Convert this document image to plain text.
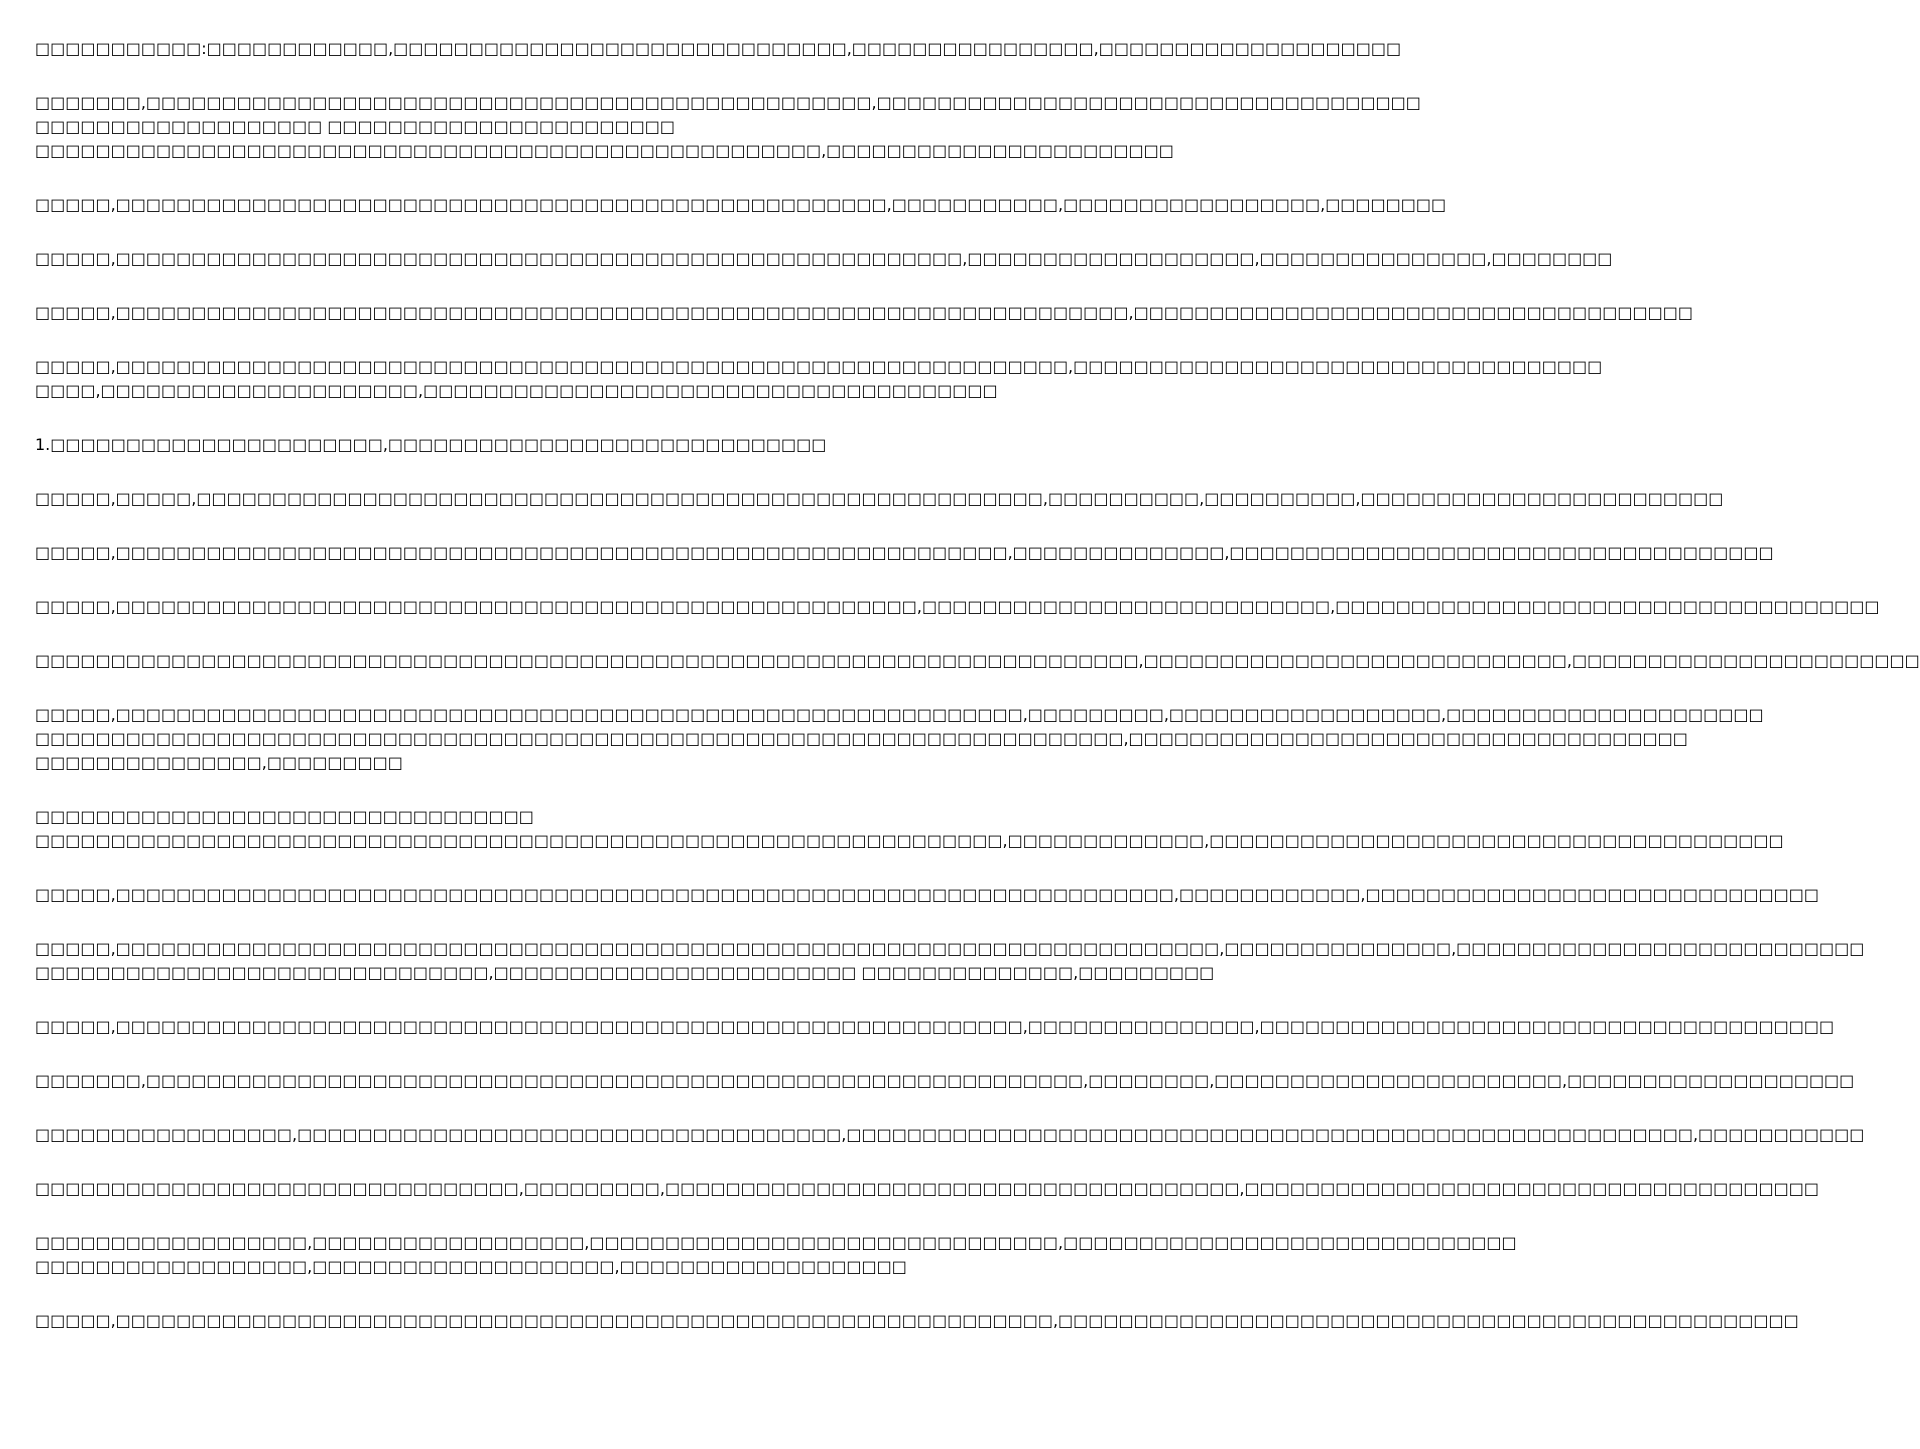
□□□□□□□□□□□:□□□□□□□□□□□□,□□□□□□□□□□□□□□□□□□□□□□□□□□□□□□,□□□□□□□□□□□□□□□□,□□□□□□□□□□□□□□□□□□□□

□□□□□□□,□□□□□□□□□□□□□□□□□□□□□□□□□□□□□□□□□□□□□□□□□□□□□□□□,□□□□□□□□□□□□□□□□□□□□□□□□□□□□□□□□□□□□
□□□□□□□□□□□□□□□□□□□ □□□□□□□□□□□□□□□□□□□□□□□
□□□□□□□□□□□□□□□□□□□□□□□□□□□□□□□□□□□□□□□□□□□□□□□□□□□□,□□□□□□□□□□□□□□□□□□□□□□□

□□□□□,□□□□□□□□□□□□□□□□□□□□□□□□□□□□□□□□□□□□□□□□□□□□□□□□□□□,□□□□□□□□□□□,□□□□□□□□□□□□□□□□□,□□□□□□□□

□□□□□,□□□□□□□□□□□□□□□□□□□□□□□□□□□□□□□□□□□□□□□□□□□□□□□□□□□□□□□□,□□□□□□□□□□□□□□□□□□□,□□□□□□□□□□□□□□□,□□□□□□□□

□□□□□,□□□□□□□□□□□□□□□□□□□□□□□□□□□□□□□□□□□□□□□□□□□□□□□□□□□□□□□□□□□□□□□□□□□,□□□□□□□□□□□□□□□□□□□□□□□□□□□□□□□□□□□□□

□□□□□,□□□□□□□□□□□□□□□□□□□□□□□□□□□□□□□□□□□□□□□□□□□□□□□□□□□□□□□□□□□□□□□,□□□□□□□□□□□□□□□□□□□□□□□□□□□□□□□□□□□
□□□□,□□□□□□□□□□□□□□□□□□□□□,□□□□□□□□□□□□□□□□□□□□□□□□□□□□□□□□□□□□□□

1.□□□□□□□□□□□□□□□□□□□□□□,□□□□□□□□□□□□□□□□□□□□□□□□□□□□□

□□□□□,□□□□□,□□□□□□□□□□□□□□□□□□□□□□□□□□□□□□□□□□□□□□□□□□□□□□□□□□□□□□□□,□□□□□□□□□□,□□□□□□□□□□,□□□□□□□□□□□□□□□□□□□□□□□□

□□□□□,□□□□□□□□□□□□□□□□□□□□□□□□□□□□□□□□□□□□□□□□□□□□□□□□□□□□□□□□□□□,□□□□□□□□□□□□□□,□□□□□□□□□□□□□□□□□□□□□□□□□□□□□□□□□□□□

□□□□□,□□□□□□□□□□□□□□□□□□□□□□□□□□□□□□□□□□□□□□□□□□□□□□□□□□□□□,□□□□□□□□□□□□□□□□□□□□□□□□□□□,□□□□□□□□□□□□□□□□□□□□□□□□□□□□□□□□□□□□

□□□□□□□□□□□□□□□□□□□□□□□□□□□□□□□□□□□□□□□□□□□□□□□□□□□□□□□□□□□□□□□□□□□□□□□□□,□□□□□□□□□□□□□□□□□□□□□□□□□□□□,□□□□□□□□□□□□□□□□□□□□□□□

□□□□□,□□□□□□□□□□□□□□□□□□□□□□□□□□□□□□□□□□□□□□□□□□□□□□□□□□□□□□□□□□□□,□□□□□□□□□,□□□□□□□□□□□□□□□□□□,□□□□□□□□□□□□□□□□□□□□□
□□□□□□□□□□□□□□□□□□□□□□□□□□□□□□□□□□□□□□□□□□□□□□□□□□□□□□□□□□□□□□□□□□□□□□□□,□□□□□□□□□□□□□□□□□□□□□□□□□□□□□□□□□□□□□
□□□□□□□□□□□□□□□,□□□□□□□□□

□□□□□□□□□□□□□□□□□□□□□□□□□□□□□□□□□
□□□□□□□□□□□□□□□□□□□□□□□□□□□□□□□□□□□□□□□□□□□□□□□□□□□□□□□□□□□□□□□□,□□□□□□□□□□□□□,□□□□□□□□□□□□□□□□□□□□□□□□□□□□□□□□□□□□□□

□□□□□,□□□□□□□□□□□□□□□□□□□□□□□□□□□□□□□□□□□□□□□□□□□□□□□□□□□□□□□□□□□□□□□□□□□□□□,□□□□□□□□□□□□,□□□□□□□□□□□□□□□□□□□□□□□□□□□□□□

□□□□□,□□□□□□□□□□□□□□□□□□□□□□□□□□□□□□□□□□□□□□□□□□□□□□□□□□□□□□□□□□□□□□□□□□□□□□□□□,□□□□□□□□□□□□□□□,□□□□□□□□□□□□□□□□□□□□□□□□□□□
□□□□□□□□□□□□□□□□□□□□□□□□□□□□□□,□□□□□□□□□□□□□□□□□□□□□□□□ □□□□□□□□□□□□□□,□□□□□□□□□

□□□□□,□□□□□□□□□□□□□□□□□□□□□□□□□□□□□□□□□□□□□□□□□□□□□□□□□□□□□□□□□□□□,□□□□□□□□□□□□□□□,□□□□□□□□□□□□□□□□□□□□□□□□□□□□□□□□□□□□□□

□□□□□□□,□□□□□□□□□□□□□□□□□□□□□□□□□□□□□□□□□□□□□□□□□□□□□□□□□□□□□□□□□□□□□□,□□□□□□□□,□□□□□□□□□□□□□□□□□□□□□□□,□□□□□□□□□□□□□□□□□□□

□□□□□□□□□□□□□□□□□,□□□□□□□□□□□□□□□□□□□□□□□□□□□□□□□□□□□□,□□□□□□□□□□□□□□□□□□□□□□□□□□□□□□□□□□□□□□□□□□□□□□□□□□□□□□□□,□□□□□□□□□□□

□□□□□□□□□□□□□□□□□□□□□□□□□□□□□□□□,□□□□□□□□□,□□□□□□□□□□□□□□□□□□□□□□□□□□□□□□□□□□□□□□,□□□□□□□□□□□□□□□□□□□□□□□□□□□□□□□□□□□□□□

□□□□□□□□□□□□□□□□□□,□□□□□□□□□□□□□□□□□□,□□□□□□□□□□□□□□□□□□□□□□□□□□□□□□□,□□□□□□□□□□□□□□□□□□□□□□□□□□□□□□
□□□□□□□□□□□□□□□□□□,□□□□□□□□□□□□□□□□□□□□,□□□□□□□□□□□□□□□□□□□

□□□□□,□□□□□□□□□□□□□□□□□□□□□□□□□□□□□□□□□□□□□□□□□□□□□□□□□□□□□□□□□□□□□□,□□□□□□□□□□□□□□□□□□□□□□□□□□□□□□□□□□□□□□□□□□□□□□□□□
